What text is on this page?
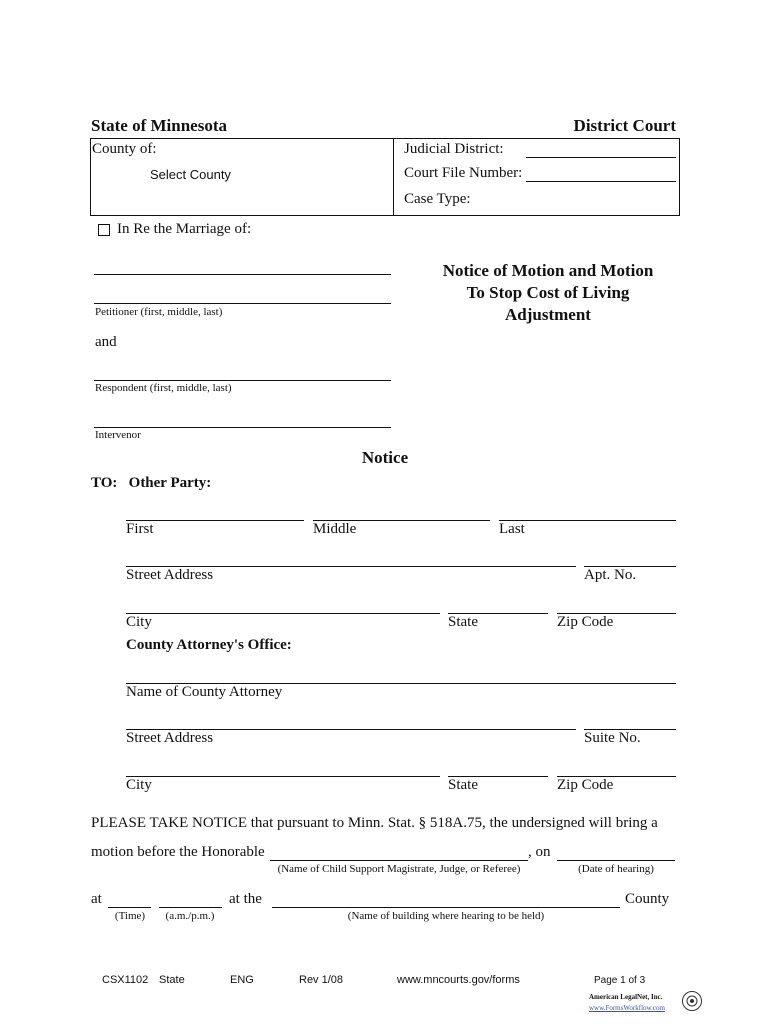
State of Minnesota	District Court
County of:
Select County
Judicial District:
Court File Number:
Case Type:
In Re the Marriage of:
Petitioner (first, middle, last)
Notice of Motion and Motion
To Stop Cost of Living
Adjustment
and
Respondent (first, middle, last)
Intervenor
Notice
TO:   Other Party:
First	Middle	Last
Street Address	Apt. No.
City	State	Zip Code
County Attorney's Office:
Name of County Attorney
Street Address	Suite No.
City	State	Zip Code
PLEASE TAKE NOTICE that pursuant to Minn. Stat. § 518A.75, the undersigned will bring a
motion before the Honorable	, on
(Name of Child Support Magistrate, Judge, or Referee)	(Date of hearing)
at	at the	County
(Time)	(a.m./p.m.)	(Name of building where hearing to be held)
CSX1102 State	ENG	Rev 1/08	www.mncourts.gov/forms	Page 1 of 3
American LegalNet, Inc.
www.FormsWorkflow.com
